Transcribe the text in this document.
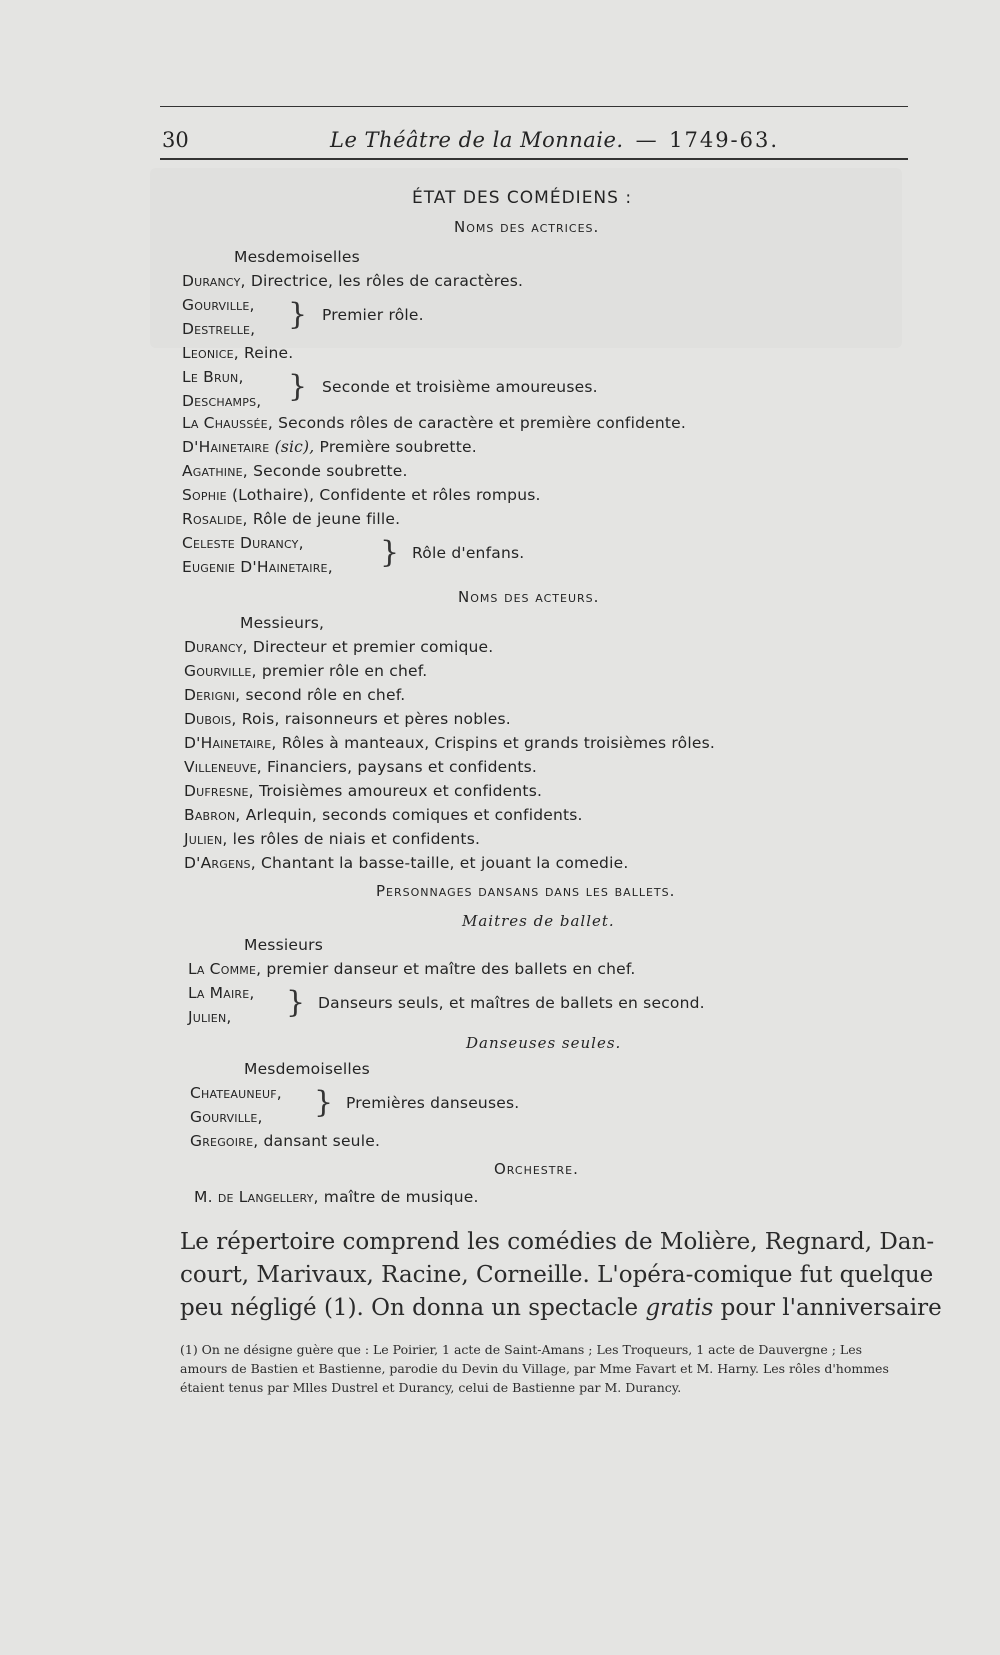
30	Le Théâtre de la Monnaie. — 1749-63.
ÉTAT DES COMÉDIENS :
Noms des actrices.
Mesdemoiselles
Durancy, Directrice, les rôles de caractères.
Gourville,
Destrelle, } Premier rôle.
Leonice, Reine.
Le Brun,
Deschamps, } Seconde et troisième amoureuses.
La Chaussée, Seconds rôles de caractère et première confidente.
D'Hainetaire (sic), Première soubrette.
Agathine, Seconde soubrette.
Sophie (Lothaire), Confidente et rôles rompus.
Rosalide, Rôle de jeune fille.
Celeste Durancy,
Eugenie D'Hainetaire, } Rôle d'enfans.
Noms des acteurs.
Messieurs,
Durancy, Directeur et premier comique.
Gourville, premier rôle en chef.
Derigni, second rôle en chef.
Dubois, Rois, raisonneurs et pères nobles.
D'Hainetaire, Rôles à manteaux, Crispins et grands troisièmes rôles.
Villeneuve, Financiers, paysans et confidents.
Dufresne, Troisièmes amoureux et confidents.
Babron, Arlequin, seconds comiques et confidents.
Julien, les rôles de niais et confidents.
D'Argens, Chantant la basse-taille, et jouant la comedie.
Personnages dansans dans les ballets.
Maitres de ballet.
Messieurs
La Comme, premier danseur et maître des ballets en chef.
La Maire,
Julien, } Danseurs seuls, et maîtres de ballets en second.
Danseuses seules.
Mesdemoiselles
Chateauneuf,
Gourville, } Premières danseuses.
Gregoire, dansant seule.
Orchestre.
M. de Langellery, maître de musique.
Le répertoire comprend les comédies de Molière, Regnard, Dan-
court, Marivaux, Racine, Corneille. L'opéra-comique fut quelque
peu négligé (1). On donna un spectacle gratis pour l'anniversaire
(1) On ne désigne guère que : Le Poirier, 1 acte de Saint-Amans ; Les Troqueurs, 1 acte de Dauvergne ; Les
amours de Bastien et Bastienne, parodie du Devin du Village, par Mme Favart et M. Harny. Les rôles d'hommes
étaient tenus par Mlles Dustrel et Durancy, celui de Bastienne par M. Durancy.
